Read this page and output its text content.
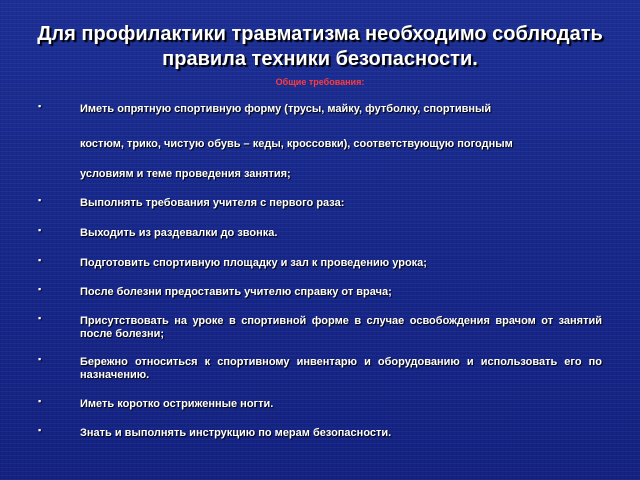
Для профилактики травматизма необходимо соблюдать
правила техники безопасности.

Общие требования:

▪	Иметь опрятную спортивную форму (трусы, майку, футболку, спортивный
костюм, трико, чистую обувь – кеды, кроссовки), соответствующую погодным
условиям и теме проведения занятия;
▪	Выполнять требования учителя с первого раза:
▪	Выходить из раздевалки до звонка.
▪	Подготовить спортивную площадку и зал к проведению урока;
▪	После болезни предоставить учителю справку от врача;
▪	Присутствовать на уроке в спортивной форме в случае освобождения врачом от занятий после болезни;
▪	Бережно относиться к спортивному инвентарю и оборудованию и использовать его по назначению.
▪	Иметь коротко остриженные ногти.
▪	Знать и выполнять инструкцию по мерам безопасности.
